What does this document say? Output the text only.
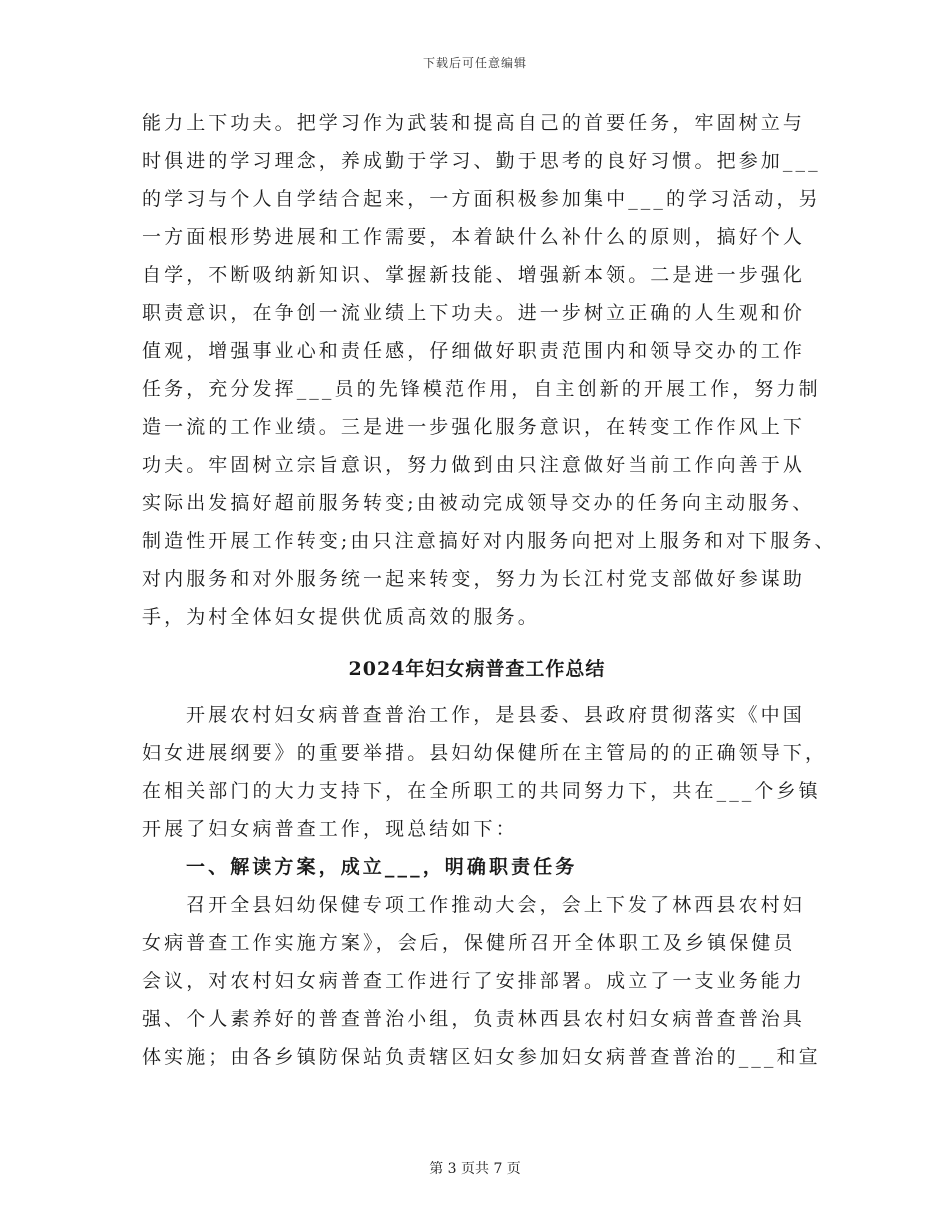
下载后可任意编辑
能力上下功夫。把学习作为武装和提高自己的首要任务，牢固树立与
时俱进的学习理念，养成勤于学习、勤于思考的良好习惯。把参加___
的学习与个人自学结合起来，一方面积极参加集中___的学习活动，另
一方面根形势进展和工作需要，本着缺什么补什么的原则，搞好个人
自学，不断吸纳新知识、掌握新技能、增强新本领。二是进一步强化
职责意识，在争创一流业绩上下功夫。进一步树立正确的人生观和价
值观，增强事业心和责任感，仔细做好职责范围内和领导交办的工作
任务，充分发挥___员的先锋模范作用，自主创新的开展工作，努力制
造一流的工作业绩。三是进一步强化服务意识，在转变工作作风上下
功夫。牢固树立宗旨意识，努力做到由只注意做好当前工作向善于从
实际出发搞好超前服务转变;由被动完成领导交办的任务向主动服务、
制造性开展工作转变;由只注意搞好对内服务向把对上服务和对下服务、
对内服务和对外服务统一起来转变，努力为长江村党支部做好参谋助
手，为村全体妇女提供优质高效的服务。
2024年妇女病普查工作总结
开展农村妇女病普查普治工作，是县委、县政府贯彻落实《中国
妇女进展纲要》的重要举措。县妇幼保健所在主管局的的正确领导下，
在相关部门的大力支持下，在全所职工的共同努力下，共在___个乡镇
开展了妇女病普查工作，现总结如下：
一、解读方案，成立___，明确职责任务
召开全县妇幼保健专项工作推动大会，会上下发了林西县农村妇
女病普查工作实施方案》，会后，保健所召开全体职工及乡镇保健员
会议，对农村妇女病普查工作进行了安排部署。成立了一支业务能力
强、个人素养好的普查普治小组，负责林西县农村妇女病普查普治具
体实施；由各乡镇防保站负责辖区妇女参加妇女病普查普治的___和宣
第 3 页共 7 页
